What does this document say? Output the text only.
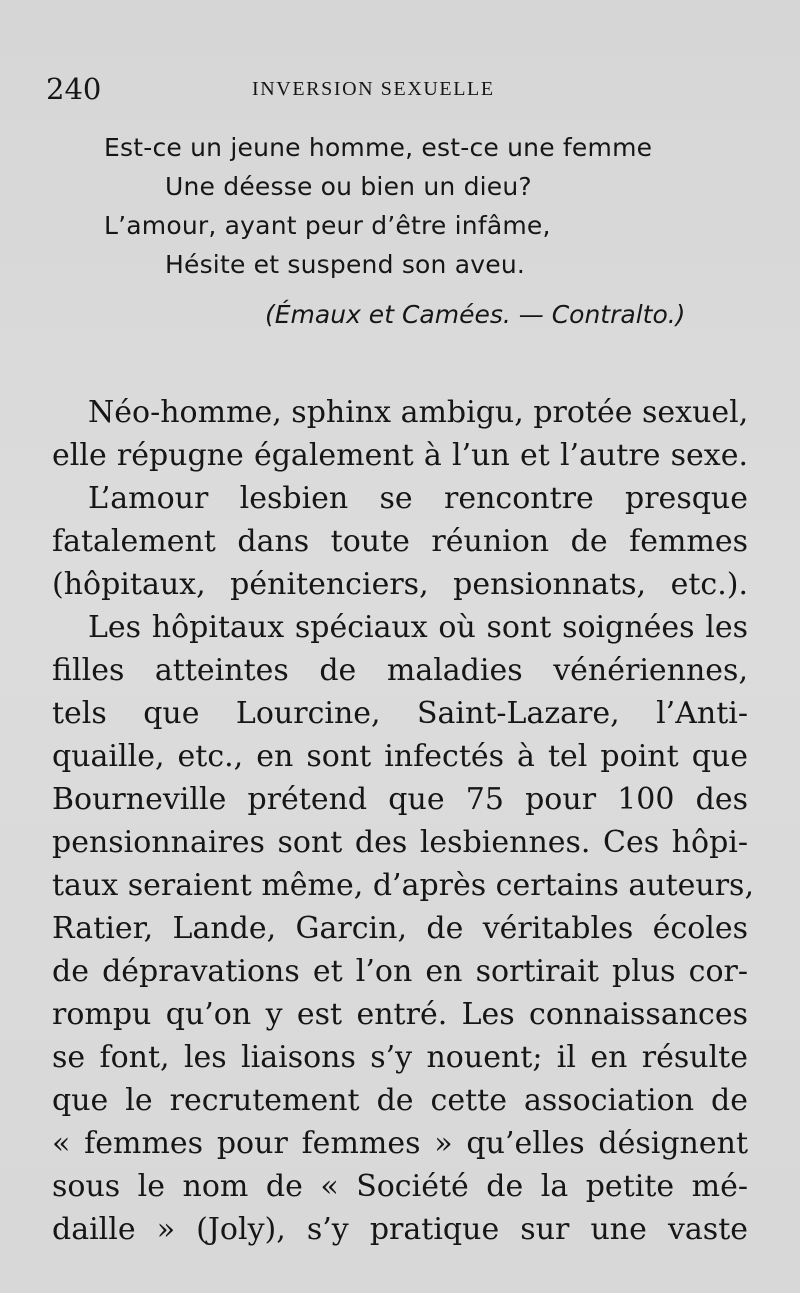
240	INVERSION SEXUELLE
Est-ce un jeune homme, est-ce une femme
Une déesse ou bien un dieu?
L’amour, ayant peur d’être infâme,
Hésite et suspend son aveu.
(Émaux et Camées. — Contralto.)
Néo-homme, sphinx ambigu, protée sexuel,
elle répugne également à l’un et l’autre sexe.
L’amour lesbien se rencontre presque
fatalement dans toute réunion de femmes
(hôpitaux, pénitenciers, pensionnats, etc.).
Les hôpitaux spéciaux où sont soignées les
filles atteintes de maladies vénériennes,
tels que Lourcine, Saint-Lazare, l’Anti-
quaille, etc., en sont infectés à tel point que
Bourneville prétend que 75 pour 100 des
pensionnaires sont des lesbiennes. Ces hôpi-
taux seraient même, d’après certains auteurs,
Ratier, Lande, Garcin, de véritables écoles
de dépravations et l’on en sortirait plus cor-
rompu qu’on y est entré. Les connaissances
se font, les liaisons s’y nouent; il en résulte
que le recrutement de cette association de
« femmes pour femmes » qu’elles désignent
sous le nom de « Société de la petite mé-
daille » (Joly), s’y pratique sur une vaste
